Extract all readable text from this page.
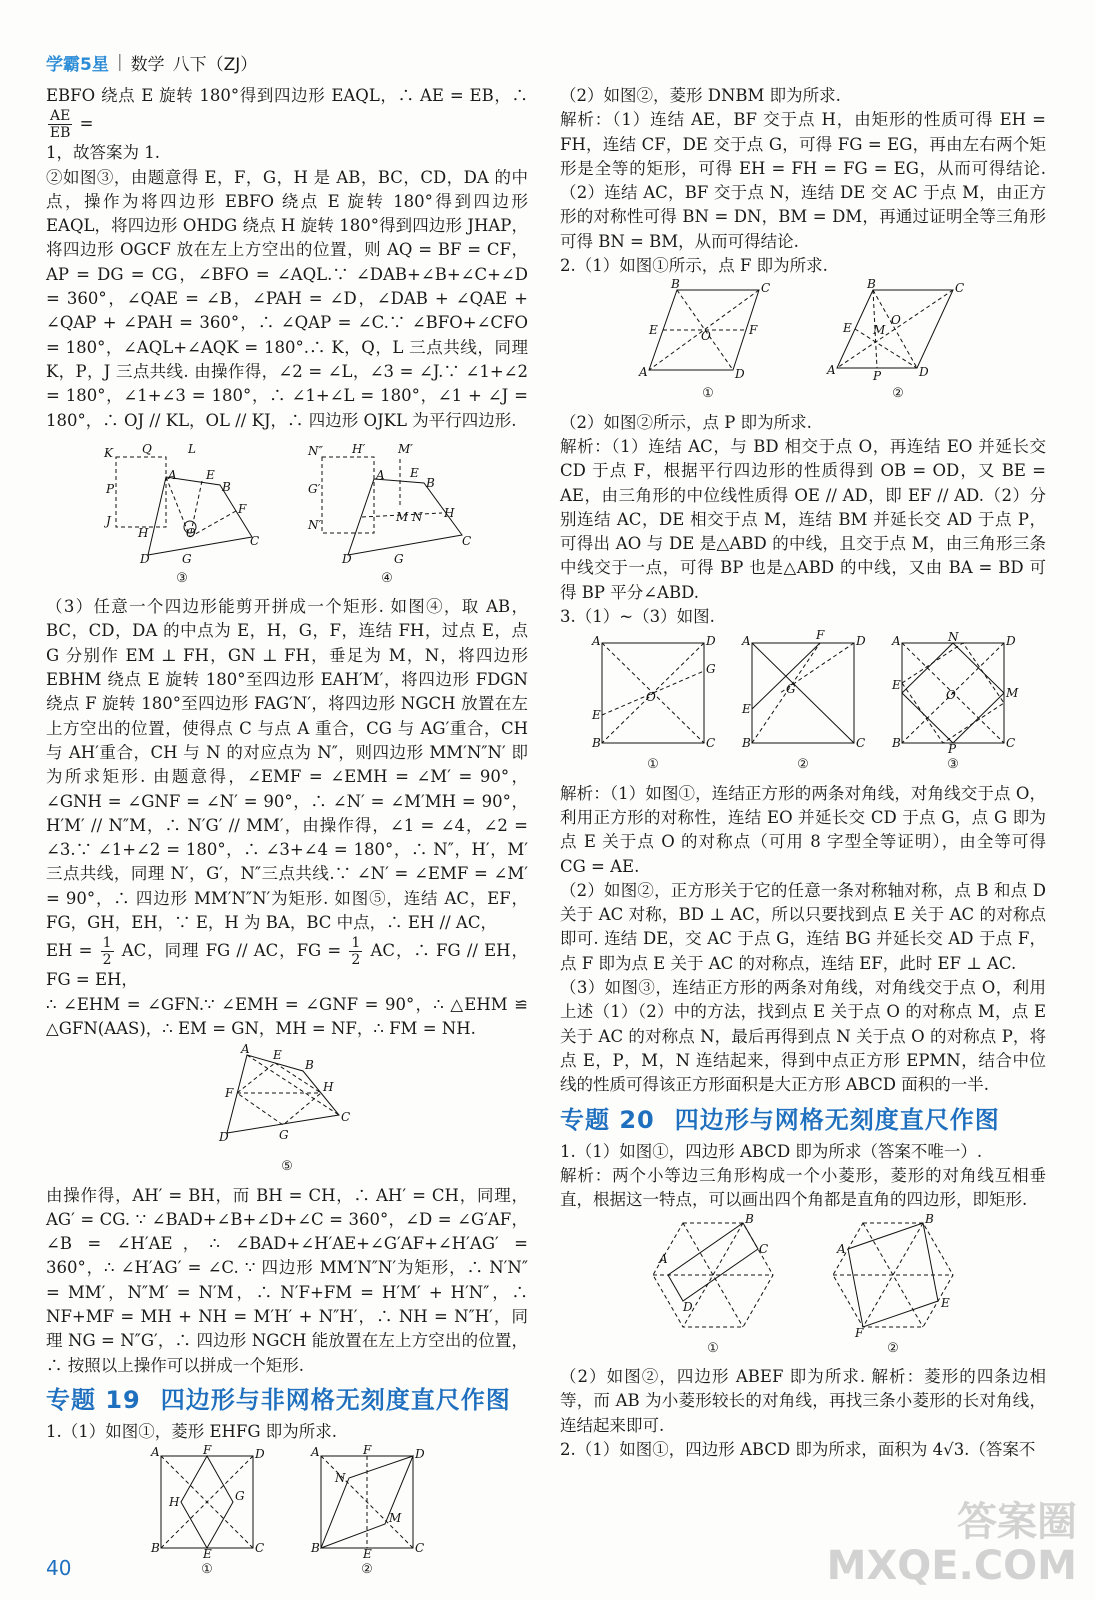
学霸5星 | 数学 八下（ZJ）

EBFO 绕点 E 旋转 180°得到四边形 EAQL，∴ AE = EB，∴
$\frac{AE}{EB}$ =

1，故答案为 1.

②如图③，由题意得 E，F，G，H 是 AB，BC，CD，DA 的中点，操作为将四边形 EBFO 绕点 E 旋转 180°得到四边形 EAQL，将四边形 OHDG 绕点 H 旋转 180°得到四边形 JHAP，将四边形 OGCF 放在左上方空出的位置，则 AQ = BF = CF，AP = DG = CG，∠BFO = ∠AQL.∵ ∠DAB+∠B+∠C+∠D = 360°，∠QAE = ∠B，∠PAH = ∠D，∠DAB + ∠QAE + ∠QAP + ∠PAH = 360°，∴ ∠QAP = ∠C.∵ ∠BFO+∠CFO = 180°，∠AQL+∠AQK = 180°.∴ K，Q，L 三点共线，同理 K，P，J 三点共线. 由操作得，∠2 = ∠L，∠3 = ∠J.∵ ∠1+∠2 = 180°，∠1+∠3 = 180°，∴ ∠1+∠L = 180°，∠1 + ∠J = 180°，∴ OJ // KL，OL // KJ，∴ 四边形 OJKL 为平行四边形.

K Q	L
P
J
A E
B
F
H	O
C
D	G
③
N″ H′	M′
G′
N′
A E
B
H
M N
C
D	G
④

（3）任意一个四边形能剪开拼成一个矩形. 如图④，取 AB，BC，CD，DA 的中点为 E，H，G，F，连结 FH，过点 E，点 G 分别作 EM ⊥ FH，GN ⊥ FH，垂足为 M，N，将四边形 EBHM 绕点 E 旋转 180°至四边形 EAH′M′，将四边形 FDGN 绕点 F 旋转 180°至四边形 FAG′N′，将四边形 NGCH 放置在左上方空出的位置，使得点 C 与点 A 重合，CG 与 AG′重合，CH 与 AH′重合，CH 与 N 的对应点为 N″，则四边形 MM′N″N′ 即为所求矩形. 由题意得，∠EMF = ∠EMH = ∠M′ = 90°，∠GNH = ∠GNF = ∠N′ = 90°，∴ ∠N′ = ∠M′MH = 90°，H′M′ // N″M，∴ N′G′ // MM′，由操作得，∠1 = ∠4，∠2 = ∠3.∵ ∠1+∠2 = 180°，∴ ∠3+∠4 = 180°，∴ N″，H′，M′三点共线，同理 N′，G′，N″三点共线.∵ ∠N′ = ∠EMF = ∠M′ = 90°，∴ 四边形 MM′N″N′为矩形. 如图⑤，连结 AC，EF，FG，GH，EH，∵ E，H 为 BA，BC 中点，∴ EH // AC，

EH = $\frac{1}{2}$ AC，同理 FG // AC，FG = $\frac{1}{2}$ AC，∴ FG // EH，FG = EH，

∴ ∠EHM = ∠GFN.∵ ∠EMH = ∠GNF = 90°，∴ △EHM ≌ △GFN(AAS)，∴ EM = GN，MH = NF，∴ FM = NH.

A E
B
F	H
C
D	G
⑤

由操作得，AH′ = BH，而 BH = CH，∴ AH′ = CH，同理，AG′ = CG. ∵ ∠BAD+∠B+∠D+∠C = 360°，∠D = ∠G′AF，∠B = ∠H′AE，∴ ∠BAD+∠H′AE+∠G′AF+∠H′AG′ = 360°，∴ ∠H′AG′ = ∠C. ∵ 四边形 MM′N″N′为矩形，∴ N′N″ = MM′，N″M′ = N′M，∴ N′F+FM = H′M′ + H′N″，∴ NF+MF = MH + NH = M′H′ + N″H′，∴ NH = N″H′，同理 NG = N″G′，∴ 四边形 NGCH 能放置在左上方空出的位置，∴ 按照以上操作可以拼成一个矩形.

专题 19 四边形与非网格无刻度直尺作图

1.（1）如图①，菱形 EHFG 即为所求.

A	F	D
H	G
B	E	C
①
A	F	D
N
M
B	E	C
②

（2）如图②，菱形 DNBM 即为所求.

解析：（1）连结 AE，BF 交于点 H，由矩形的性质可得 EH = FH，连结 CF，DE 交于点 G，可得 FG = EG，再由左右两个矩形是全等的矩形，可得 EH = FH = FG = EG，从而可得结论.（2）连结 AC，BF 交于点 N，连结 DE 交 AC 于点 M，由正方形的对称性可得 BN = DN，BM = DM，再通过证明全等三角形可得 BN = BM，从而可得结论.

2.（1）如图①所示，点 F 即为所求.

B	C
E	F
O
A	D
①
B	C
E M
O
A	P	D
②

（2）如图②所示，点 P 即为所求.

解析：（1）连结 AC，与 BD 相交于点 O，再连结 EO 并延长交 CD 于点 F，根据平行四边形的性质得到 OB = OD，又 BE = AE，由三角形的中位线性质得 OE // AD，即 EF // AD.（2）分别连结 AC，DE 相交于点 M，连结 BM 并延长交 AD 于点 P，可得出 AO 与 DE 是△ABD 的中线，且交于点 M，由三角形三条中线交于一点，可得 BP 也是△ABD 的中线，又由 BA = BD 可得 BP 平分∠ABD.

3.（1）~（3）如图.

A	D
G
E
O
B	C
①
A	F	D
E
G
B	C
②
A	N	D
E
M
O
B	P	C
③

解析：（1）如图①，连结正方形的两条对角线，对角线交于点 O，利用正方形的对称性，连结 EO 并延长交 CD 于点 G，点 G 即为点 E 关于点 O 的对称点（可用 8 字型全等证明），由全等可得 CG = AE.

（2）如图②，正方形关于它的任意一条对称轴对称，点 B 和点 D 关于 AC 对称，BD ⊥ AC，所以只要找到点 E 关于 AC 的对称点即可. 连结 DE，交 AC 于点 G，连结 BG 并延长交 AD 于点 F，点 F 即为点 E 关于 AC 的对称点，连结 EF，此时 EF ⊥ AC.

（3）如图③，连结正方形的两条对角线，对角线交于点 O，利用上述（1）（2）中的方法，找到点 E 关于点 O 的对称点 M，点 E 关于 AC 的对称点 N，最后再得到点 N 关于点 O 的对称点 P，将点 E，P，M，N 连结起来，得到中点正方形 EPMN，结合中位线的性质可得该正方形面积是大正方形 ABCD 面积的一半.

专题 20 四边形与网格无刻度直尺作图

1.（1）如图①，四边形 ABCD 即为所求（答案不唯一）.

解析：两个小等边三角形构成一个小菱形，菱形的对角线互相垂直，根据这一特点，可以画出四个角都是直角的四边形，即矩形.

B
C
A
D
①
B
A
E
F
②

（2）如图②，四边形 ABEF 即为所求. 解析：菱形的四条边相等，而 AB 为小菱形较长的对角线，再找三条小菱形的长对角线，连结起来即可.

2.（1）如图①，四边形 ABCD 即为所求，面积为 4√3.（答案不

40
答案圈
MXQE.COM
